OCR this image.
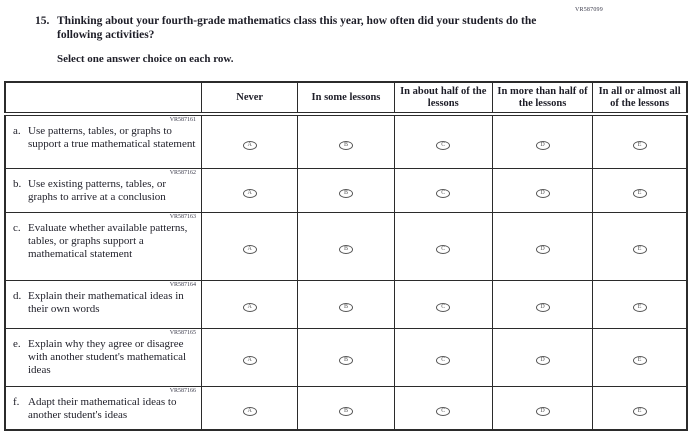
VR587099
15. Thinking about your fourth-grade mathematics class this year, how often did your students do the following activities?
Select one answer choice on each row.
	Never	In some lessons	In about half of the lessons	In more than half of the lessons	In all or almost all of the lessons

VR587161
a. Use patterns, tables, or graphs to support a true mathematical statement	A	B	C	D	E

VR587162
b. Use existing patterns, tables, or graphs to arrive at a conclusion	A	B	C	D	E

VR587163
c. Evaluate whether available patterns, tables, or graphs support a mathematical statement	A	B	C	D	E

VR587164
d. Explain their mathematical ideas in their own words	A	B	C	D	E

VR587165
e. Explain why they agree or disagree with another student's mathematical ideas	A	B	C	D	E

VR587166
f. Adapt their mathematical ideas to another student's ideas	A	B	C	D	E
